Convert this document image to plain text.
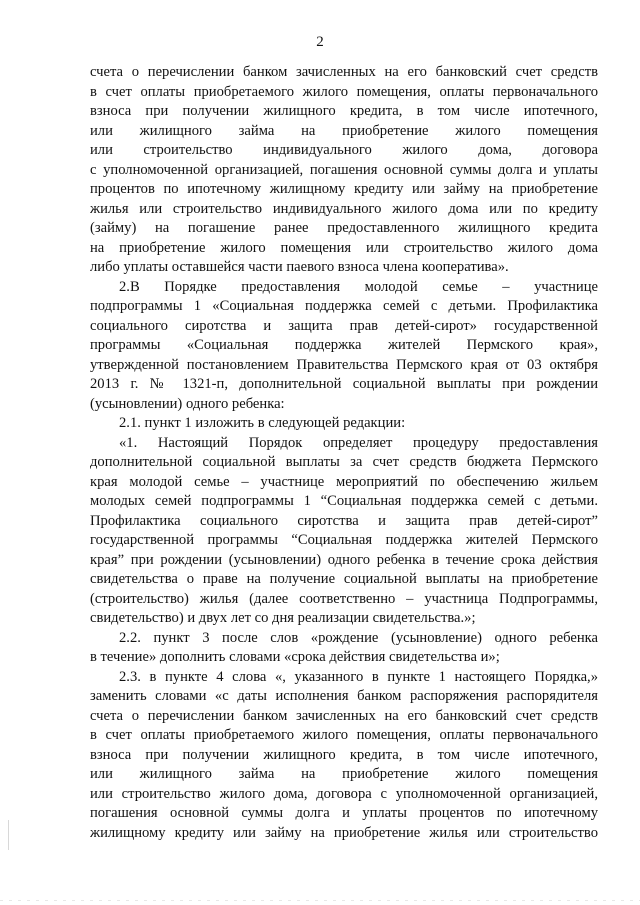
2
счета о перечислении банком зачисленных на его банковский счет средств
в счет оплаты приобретаемого жилого помещения, оплаты первоначального
взноса при получении жилищного кредита, в том числе ипотечного,
или жилищного займа на приобретение жилого помещения
или строительство индивидуального жилого дома, договора
с уполномоченной организацией, погашения основной суммы долга и уплаты
процентов по ипотечному жилищному кредиту или займу на приобретение
жилья или строительство индивидуального жилого дома или по кредиту
(займу) на погашение ранее предоставленного жилищного кредита
на приобретение жилого помещения или строительство жилого дома
либо уплаты оставшейся части паевого взноса члена кооператива».
2.В Порядке предоставления молодой семье – участнице
подпрограммы 1 «Социальная поддержка семей с детьми. Профилактика
социального сиротства и защита прав детей-сирот» государственной
программы «Социальная поддержка жителей Пермского края»,
утвержденной постановлением Правительства Пермского края от 03 октября
2013 г. № 1321-п, дополнительной социальной выплаты при рождении
(усыновлении) одного ребенка:
2.1. пункт 1 изложить в следующей редакции:
«1. Настоящий Порядок определяет процедуру предоставления
дополнительной социальной выплаты за счет средств бюджета Пермского
края молодой семье – участнице мероприятий по обеспечению жильем
молодых семей подпрограммы 1 “Социальная поддержка семей с детьми.
Профилактика социального сиротства и защита прав детей-сирот”
государственной программы “Социальная поддержка жителей Пермского
края” при рождении (усыновлении) одного ребенка в течение срока действия
свидетельства о праве на получение социальной выплаты на приобретение
(строительство) жилья (далее соответственно – участница Подпрограммы,
свидетельство) и двух лет со дня реализации свидетельства.»;
2.2. пункт 3 после слов «рождение (усыновление) одного ребенка
в течение» дополнить словами «срока действия свидетельства и»;
2.3. в пункте 4 слова «, указанного в пункте 1 настоящего Порядка,»
заменить словами «с даты исполнения банком распоряжения распорядителя
счета о перечислении банком зачисленных на его банковский счет средств
в счет оплаты приобретаемого жилого помещения, оплаты первоначального
взноса при получении жилищного кредита, в том числе ипотечного,
или жилищного займа на приобретение жилого помещения
или строительство жилого дома, договора с уполномоченной организацией,
погашения основной суммы долга и уплаты процентов по ипотечному
жилищному кредиту или займу на приобретение жилья или строительство
